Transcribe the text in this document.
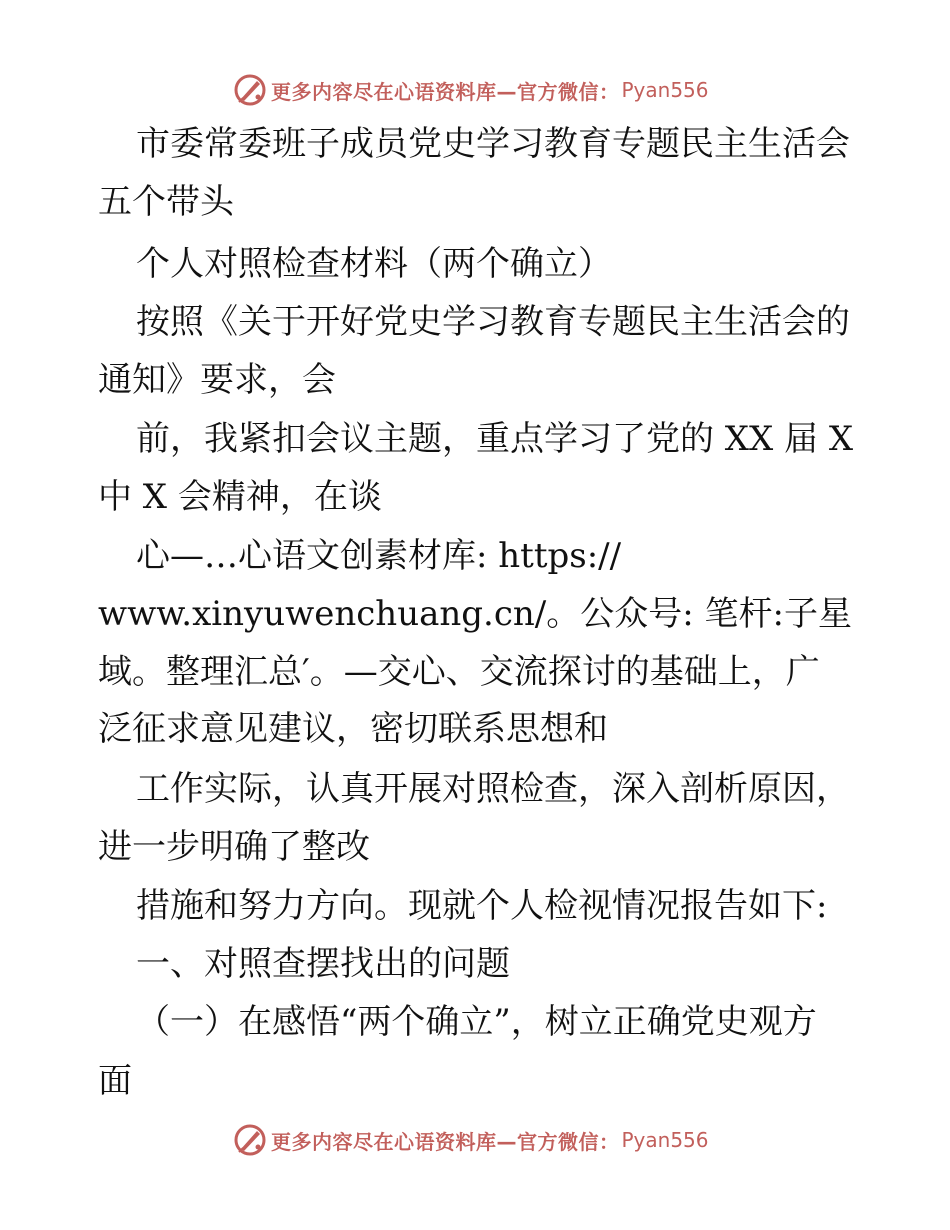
更多内容尽在心语资料库—官方微信： Pyan556
市委常委班子成员党史学习教育专题民主生活会
五个带头
个人对照检查材料（两个确立）
按照《关于开好党史学习教育专题民主生活会的
通知》要求，会
前，我紧扣会议主题，重点学习了党的 XX 届 X
中 X 会精神，在谈
心—…心语文创素材库: https://
www.xinyuwenchuang.cn/。公众号: 笔杆:子星
域。整理汇总′。—交心、交流探讨的基础上，广
泛征求意见建议，密切联系思想和
工作实际，认真开展对照检查，深入剖析原因，
进一步明确了整改
措施和努力方向。现就个人检视情况报告如下:
一、对照查摆找出的问题
（一）在感悟“两个确立”，树立正确党史观方
面
更多内容尽在心语资料库—官方微信： Pyan556
